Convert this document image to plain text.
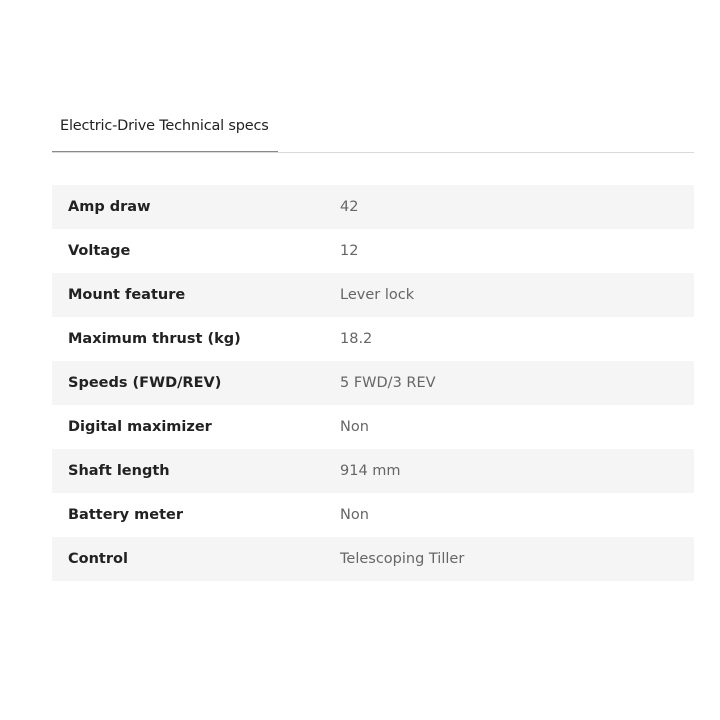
Electric-Drive Technical specs
Amp draw	42
Voltage	12
Mount feature	Lever lock
Maximum thrust (kg)	18.2
Speeds (FWD/REV)	5 FWD/3 REV
Digital maximizer	Non
Shaft length	914 mm
Battery meter	Non
Control	Telescoping Tiller
